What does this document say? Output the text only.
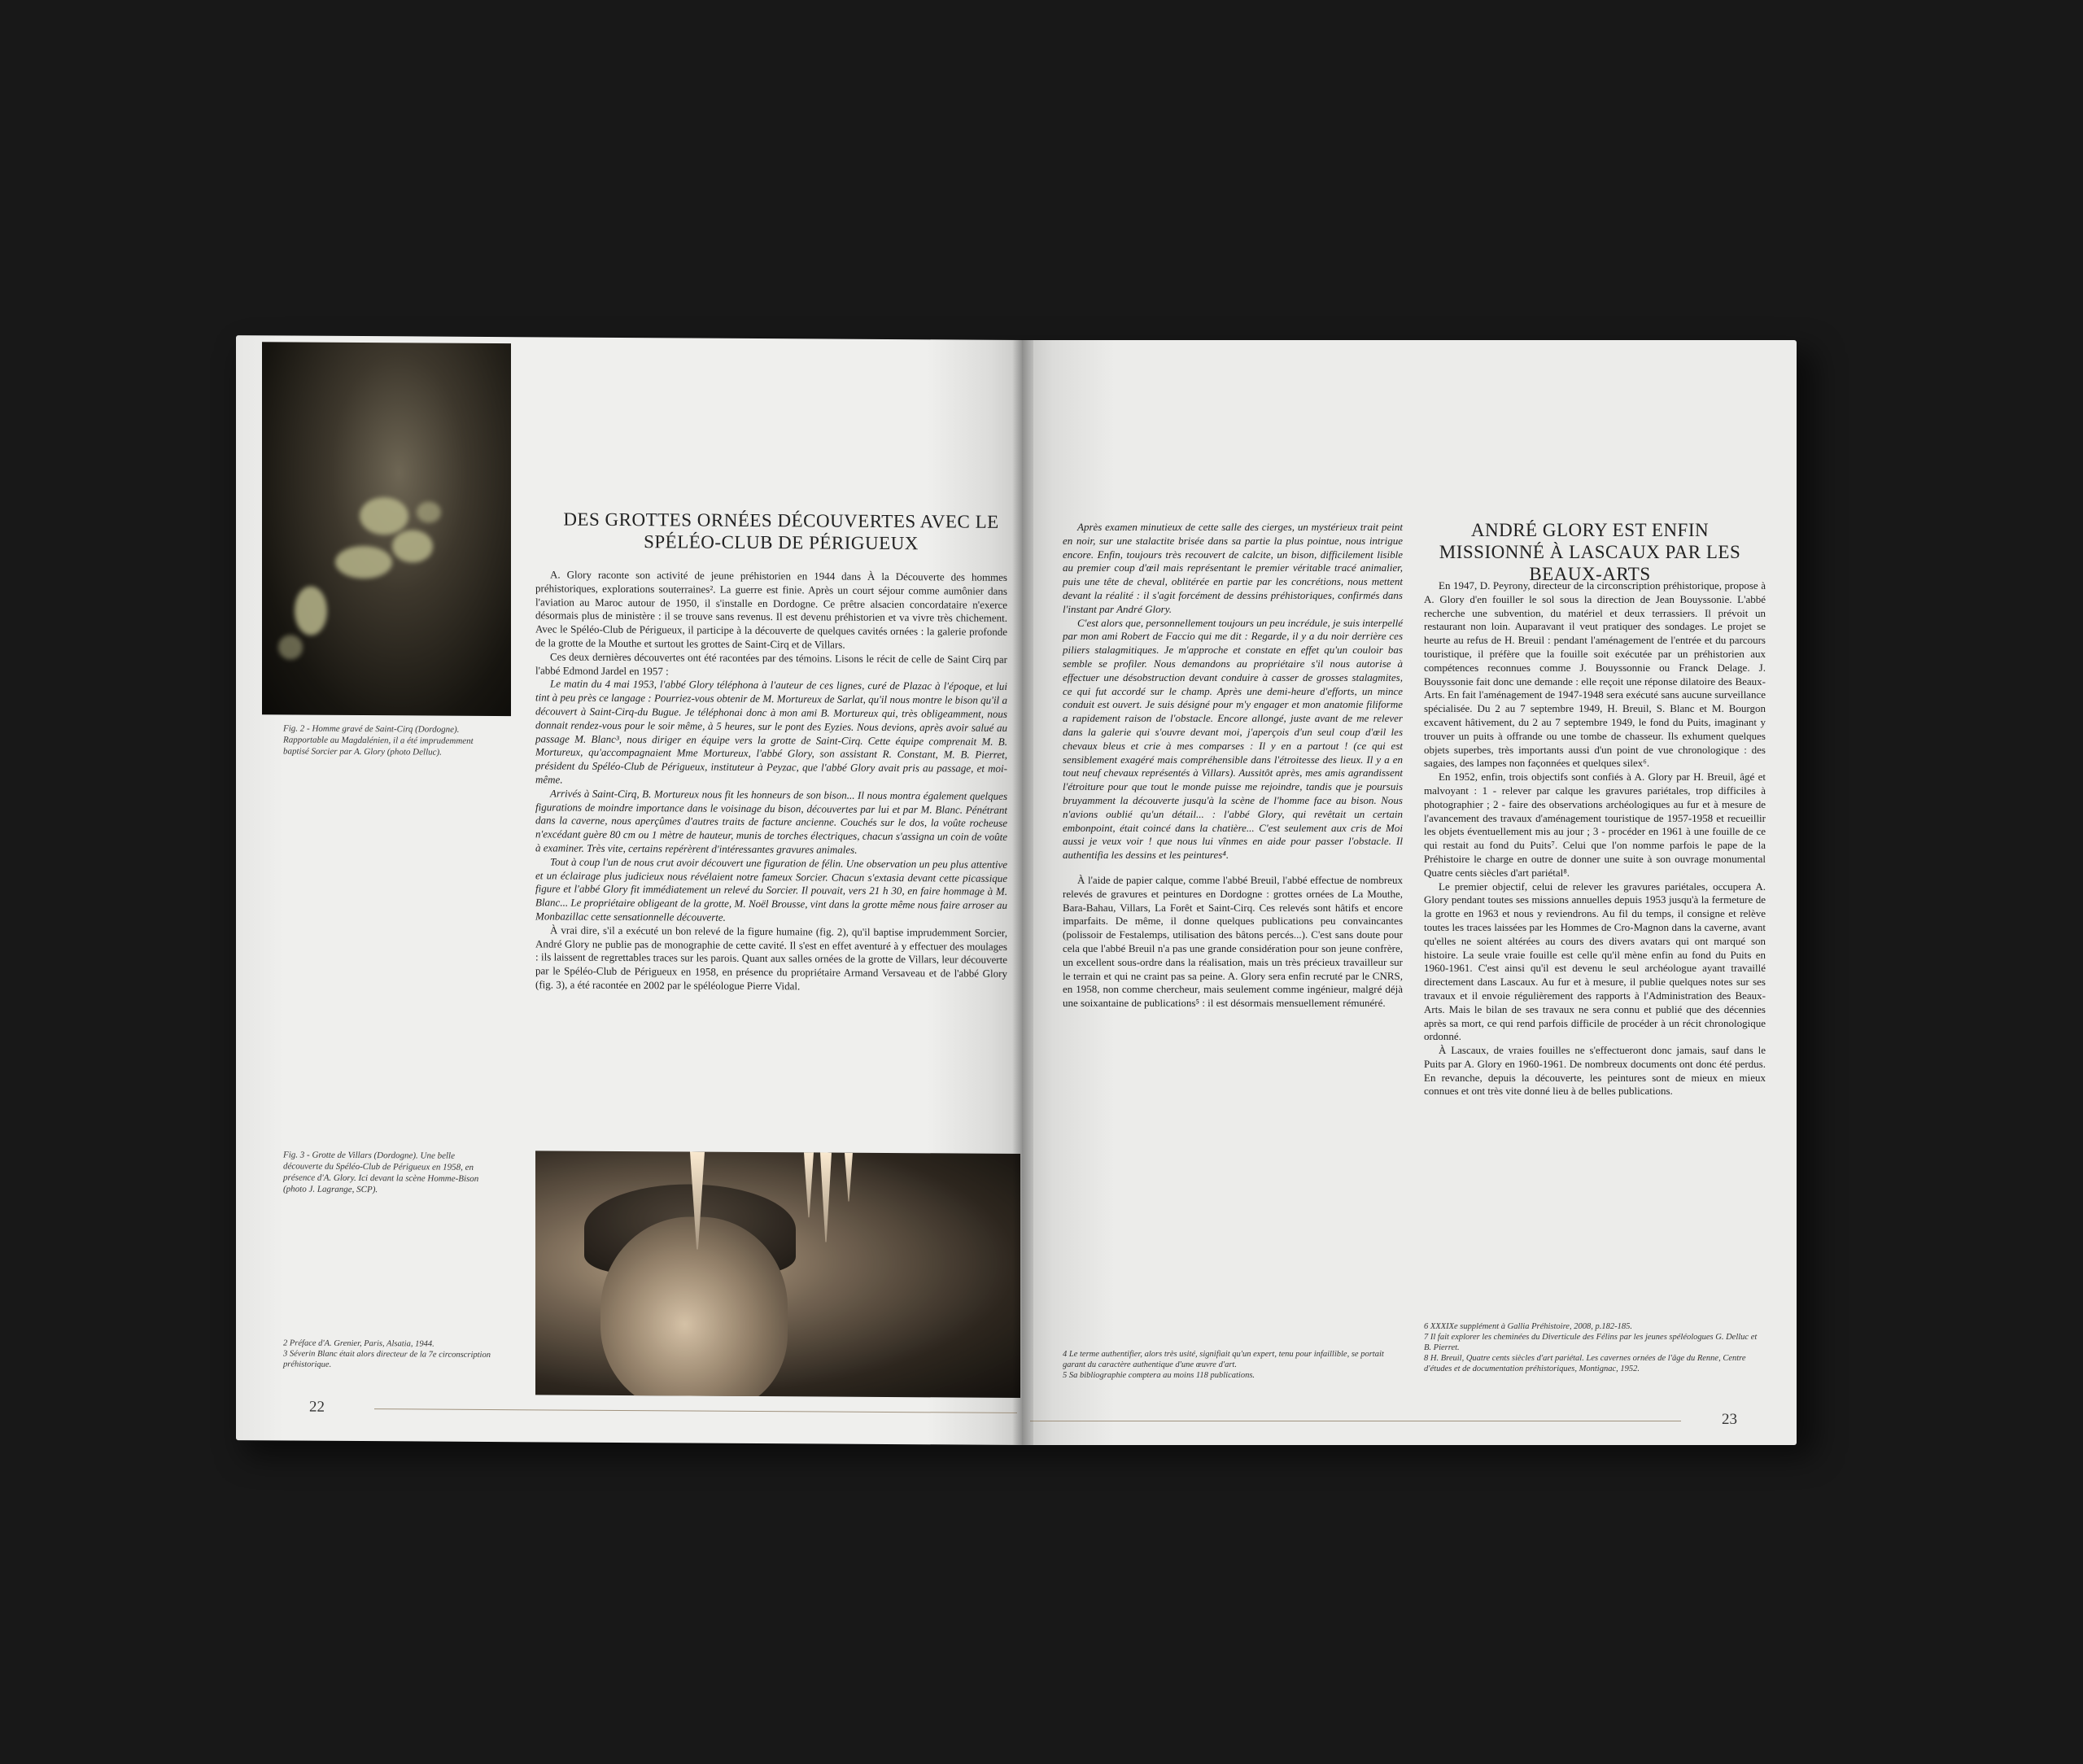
Fig. 2 - Homme gravé de Saint-Cirq (Dordogne). Rapportable au Magdalénien, il a été imprudemment baptisé Sorcier par A. Glory (photo Delluc).
Fig. 3 - Grotte de Villars (Dordogne). Une belle découverte du Spéléo-Club de Périgueux en 1958, en présence d'A. Glory. Ici devant la scène Homme-Bison (photo J. Lagrange, SCP).
DES GROTTES ORNÉES DÉCOUVERTES AVEC LE SPÉLÉO-CLUB DE PÉRIGUEUX

A. Glory raconte son activité de jeune préhistorien en 1944 dans À la Découverte des hommes préhistoriques, explorations souterraines². La guerre est finie. Après un court séjour comme aumônier dans l'aviation au Maroc autour de 1950, il s'installe en Dordogne. Ce prêtre alsacien concordataire n'exerce désormais plus de ministère : il se trouve sans revenus. Il est devenu préhistorien et va vivre très chichement. Avec le Spéléo-Club de Périgueux, il participe à la découverte de quelques cavités ornées : la galerie profonde de la grotte de la Mouthe et surtout les grottes de Saint-Cirq et de Villars.

Ces deux dernières découvertes ont été racontées par des témoins. Lisons le récit de celle de Saint Cirq par l'abbé Edmond Jardel en 1957 :

Le matin du 4 mai 1953, l'abbé Glory téléphona à l'auteur de ces lignes, curé de Plazac à l'époque, et lui tint à peu près ce langage : Pourriez-vous obtenir de M. Mortureux de Sarlat, qu'il nous montre le bison qu'il a découvert à Saint-Cirq-du Bugue. Je téléphonai donc à mon ami B. Mortureux qui, très obligeamment, nous donnait rendez-vous pour le soir même, à 5 heures, sur le pont des Eyzies. Nous devions, après avoir salué au passage M. Blanc³, nous diriger en équipe vers la grotte de Saint-Cirq. Cette équipe comprenait M. B. Mortureux, qu'accompagnaient Mme Mortureux, l'abbé Glory, son assistant R. Constant, M. B. Pierret, président du Spéléo-Club de Périgueux, instituteur à Peyzac, que l'abbé Glory avait pris au passage, et moi-même.

Arrivés à Saint-Cirq, B. Mortureux nous fit les honneurs de son bison... Il nous montra également quelques figurations de moindre importance dans le voisinage du bison, découvertes par lui et par M. Blanc. Pénétrant dans la caverne, nous aperçûmes d'autres traits de facture ancienne. Couchés sur le dos, la voûte rocheuse n'excédant guère 80 cm ou 1 mètre de hauteur, munis de torches électriques, chacun s'assigna un coin de voûte à examiner. Très vite, certains repérèrent d'intéressantes gravures animales.

Tout à coup l'un de nous crut avoir découvert une figuration de félin. Une observation un peu plus attentive et un éclairage plus judicieux nous révélaient notre fameux Sorcier. Chacun s'extasia devant cette picassique figure et l'abbé Glory fit immédiatement un relevé du Sorcier. Il pouvait, vers 21 h 30, en faire hommage à M. Blanc... Le propriétaire obligeant de la grotte, M. Noël Brousse, vint dans la grotte même nous faire arroser au Monbazillac cette sensationnelle découverte.

À vrai dire, s'il a exécuté un bon relevé de la figure humaine (fig. 2), qu'il baptise imprudemment Sorcier, André Glory ne publie pas de monographie de cette cavité. Il s'est en effet aventuré à y effectuer des moulages : ils laissent de regrettables traces sur les parois. Quant aux salles ornées de la grotte de Villars, leur découverte par le Spéléo-Club de Périgueux en 1958, en présence du propriétaire Armand Versaveau et de l'abbé Glory (fig. 3), a été racontée en 2002 par le spéléologue Pierre Vidal.

2 Préface d'A. Grenier, Paris, Alsatia, 1944.
3 Séverin Blanc était alors directeur de la 7e circonscription préhistorique.
22

Après examen minutieux de cette salle des cierges, un mystérieux trait peint en noir, sur une stalactite brisée dans sa partie la plus pointue, nous intrigue encore. Enfin, toujours très recouvert de calcite, un bison, difficilement lisible au premier coup d'œil mais représentant le premier véritable tracé animalier, puis une tête de cheval, oblitérée en partie par les concrétions, nous mettent devant la réalité : il s'agit forcément de dessins préhistoriques, confirmés dans l'instant par André Glory.

C'est alors que, personnellement toujours un peu incrédule, je suis interpellé par mon ami Robert de Faccio qui me dit : Regarde, il y a du noir derrière ces piliers stalagmitiques. Je m'approche et constate en effet qu'un couloir bas semble se profiler. Nous demandons au propriétaire s'il nous autorise à effectuer une désobstruction devant conduire à casser de grosses stalagmites, ce qui fut accordé sur le champ. Après une demi-heure d'efforts, un mince conduit est ouvert. Je suis désigné pour m'y engager et mon anatomie filiforme a rapidement raison de l'obstacle. Encore allongé, juste avant de me relever dans la galerie qui s'ouvre devant moi, j'aperçois d'un seul coup d'œil les chevaux bleus et crie à mes comparses : Il y en a partout ! (ce qui est sensiblement exagéré mais compréhensible dans l'étroitesse des lieux. Il y a en tout neuf chevaux représentés à Villars). Aussitôt après, mes amis agrandissent l'étroiture pour que tout le monde puisse me rejoindre, tandis que je poursuis bruyamment la découverte jusqu'à la scène de l'homme face au bison. Nous n'avions oublié qu'un détail... : l'abbé Glory, qui revêtait un certain embonpoint, était coincé dans la chatière... C'est seulement aux cris de Moi aussi je veux voir ! que nous lui vînmes en aide pour passer l'obstacle. Il authentifia les dessins et les peintures⁴.

À l'aide de papier calque, comme l'abbé Breuil, l'abbé effectue de nombreux relevés de gravures et peintures en Dordogne : grottes ornées de La Mouthe, Bara-Bahau, Villars, La Forêt et Saint-Cirq. Ces relevés sont hâtifs et encore imparfaits. De même, il donne quelques publications peu convaincantes (polissoir de Festalemps, utilisation des bâtons percés...). C'est sans doute pour cela que l'abbé Breuil n'a pas une grande considération pour son jeune confrère, un excellent sous-ordre dans la réalisation, mais un très précieux travailleur sur le terrain et qui ne craint pas sa peine. A. Glory sera enfin recruté par le CNRS, en 1958, non comme chercheur, mais seulement comme ingénieur, malgré déjà une soixantaine de publications⁵ : il est désormais mensuellement rémunéré.

ANDRÉ GLORY EST ENFIN MISSIONNÉ À LASCAUX PAR LES BEAUX-ARTS

En 1947, D. Peyrony, directeur de la circonscription préhistorique, propose à A. Glory d'en fouiller le sol sous la direction de Jean Bouyssonie. L'abbé recherche une subvention, du matériel et deux terrassiers. Il prévoit un restaurant non loin. Auparavant il veut pratiquer des sondages. Le projet se heurte au refus de H. Breuil : pendant l'aménagement de l'entrée et du parcours touristique, il préfère que la fouille soit exécutée par un préhistorien aux compétences reconnues comme J. Bouyssonnie ou Franck Delage. J. Bouyssonie fait donc une demande : elle reçoit une réponse dilatoire des Beaux-Arts. En fait l'aménagement de 1947-1948 sera exécuté sans aucune surveillance spécialisée. Du 2 au 7 septembre 1949, H. Breuil, S. Blanc et M. Bourgon excavent hâtivement, du 2 au 7 septembre 1949, le fond du Puits, imaginant y trouver un puits à offrande ou une tombe de chasseur. Ils exhument quelques objets superbes, très importants aussi d'un point de vue chronologique : des sagaies, des lampes non façonnées et quelques silex⁶.

En 1952, enfin, trois objectifs sont confiés à A. Glory par H. Breuil, âgé et malvoyant : 1 - relever par calque les gravures pariétales, trop difficiles à photographier ; 2 - faire des observations archéologiques au fur et à mesure de l'avancement des travaux d'aménagement touristique de 1957-1958 et recueillir les objets éventuellement mis au jour ; 3 - procéder en 1961 à une fouille de ce qui restait au fond du Puits⁷. Celui que l'on nomme parfois le pape de la Préhistoire le charge en outre de donner une suite à son ouvrage monumental Quatre cents siècles d'art pariétal⁸.

Le premier objectif, celui de relever les gravures pariétales, occupera A. Glory pendant toutes ses missions annuelles depuis 1953 jusqu'à la fermeture de la grotte en 1963 et nous y reviendrons. Au fil du temps, il consigne et relève toutes les traces laissées par les Hommes de Cro-Magnon dans la caverne, avant qu'elles ne soient altérées au cours des divers avatars qui ont marqué son histoire. La seule vraie fouille est celle qu'il mène enfin au fond du Puits en 1960-1961. C'est ainsi qu'il est devenu le seul archéologue ayant travaillé directement dans Lascaux. Au fur et à mesure, il publie quelques notes sur ses travaux et il envoie régulièrement des rapports à l'Administration des Beaux-Arts. Mais le bilan de ses travaux ne sera connu et publié que des décennies après sa mort, ce qui rend parfois difficile de procéder à un récit chronologique ordonné.

À Lascaux, de vraies fouilles ne s'effectueront donc jamais, sauf dans le Puits par A. Glory en 1960-1961. De nombreux documents ont donc été perdus. En revanche, depuis la découverte, les peintures sont de mieux en mieux connues et ont très vite donné lieu à de belles publications.

4 Le terme authentifier, alors très usité, signifiait qu'un expert, tenu pour infaillible, se portait garant du caractère authentique d'une œuvre d'art.
5 Sa bibliographie comptera au moins 118 publications.
6 XXXIXe supplément à Gallia Préhistoire, 2008, p.182-185.
7 Il fait explorer les cheminées du Diverticule des Félins par les jeunes spéléologues G. Delluc et B. Pierret.
8 H. Breuil, Quatre cents siècles d'art pariétal. Les cavernes ornées de l'âge du Renne, Centre d'études et de documentation préhistoriques, Montignac, 1952.
23
